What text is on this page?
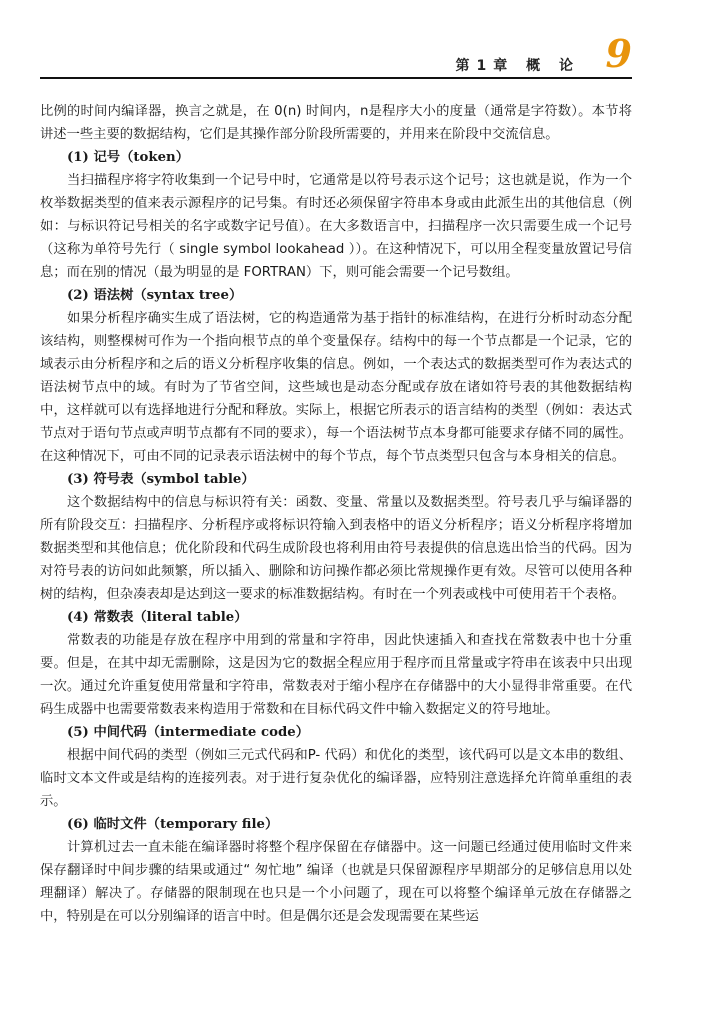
第1章 概 论 9

比例的时间内编译器，换言之就是，在 0(n) 时间内，n是程序大小的度量（通常是字符数）。本节将讲述一些主要的数据结构，它们是其操作部分阶段所需要的，并用来在阶段中交流信息。

(1) 记号（token）

当扫描程序将字符收集到一个记号中时，它通常是以符号表示这个记号；这也就是说，作为一个枚举数据类型的值来表示源程序的记号集。有时还必须保留字符串本身或由此派生出的其他信息（例如：与标识符记号相关的名字或数字记号值）。在大多数语言中，扫描程序一次只需要生成一个记号（这称为单符号先行（ single symbol lookahead ））。在这种情况下，可以用全程变量放置记号信息；而在别的情况（最为明显的是 FORTRAN）下，则可能会需要一个记号数组。

(2) 语法树（syntax tree）

如果分析程序确实生成了语法树，它的构造通常为基于指针的标准结构，在进行分析时动态分配该结构，则整棵树可作为一个指向根节点的单个变量保存。结构中的每一个节点都是一个记录，它的域表示由分析程序和之后的语义分析程序收集的信息。例如，一个表达式的数据类型可作为表达式的语法树节点中的域。有时为了节省空间，这些域也是动态分配或存放在诸如符号表的其他数据结构中，这样就可以有选择地进行分配和释放。实际上，根据它所表示的语言结构的类型（例如：表达式节点对于语句节点或声明节点都有不同的要求），每一个语法树节点本身都可能要求存储不同的属性。在这种情况下，可由不同的记录表示语法树中的每个节点，每个节点类型只包含与本身相关的信息。

(3) 符号表（symbol table）

这个数据结构中的信息与标识符有关：函数、变量、常量以及数据类型。符号表几乎与编译器的所有阶段交互：扫描程序、分析程序或将标识符输入到表格中的语义分析程序；语义分析程序将增加数据类型和其他信息；优化阶段和代码生成阶段也将利用由符号表提供的信息选出恰当的代码。因为对符号表的访问如此频繁，所以插入、删除和访问操作都必须比常规操作更有效。尽管可以使用各种树的结构，但杂凑表却是达到这一要求的标准数据结构。有时在一个列表或栈中可使用若干个表格。

(4) 常数表（literal table）

常数表的功能是存放在程序中用到的常量和字符串，因此快速插入和查找在常数表中也十分重要。但是，在其中却无需删除，这是因为它的数据全程应用于程序而且常量或字符串在该表中只出现一次。通过允许重复使用常量和字符串，常数表对于缩小程序在存储器中的大小显得非常重要。在代码生成器中也需要常数表来构造用于常数和在目标代码文件中输入数据定义的符号地址。

(5) 中间代码（intermediate code）

根据中间代码的类型（例如三元式代码和P- 代码）和优化的类型，该代码可以是文本串的数组、临时文本文件或是结构的连接列表。对于进行复杂优化的编译器，应特别注意选择允许简单重组的表示。

(6) 临时文件（temporary file）

计算机过去一直未能在编译器时将整个程序保留在存储器中。这一问题已经通过使用临时文件来保存翻译时中间步骤的结果或通过“ 匆忙地” 编译（也就是只保留源程序早期部分的足够信息用以处理翻译）解决了。存储器的限制现在也只是一个小问题了，现在可以将整个编译单元放在存储器之中，特别是在可以分别编译的语言中时。但是偶尔还是会发现需要在某些运
